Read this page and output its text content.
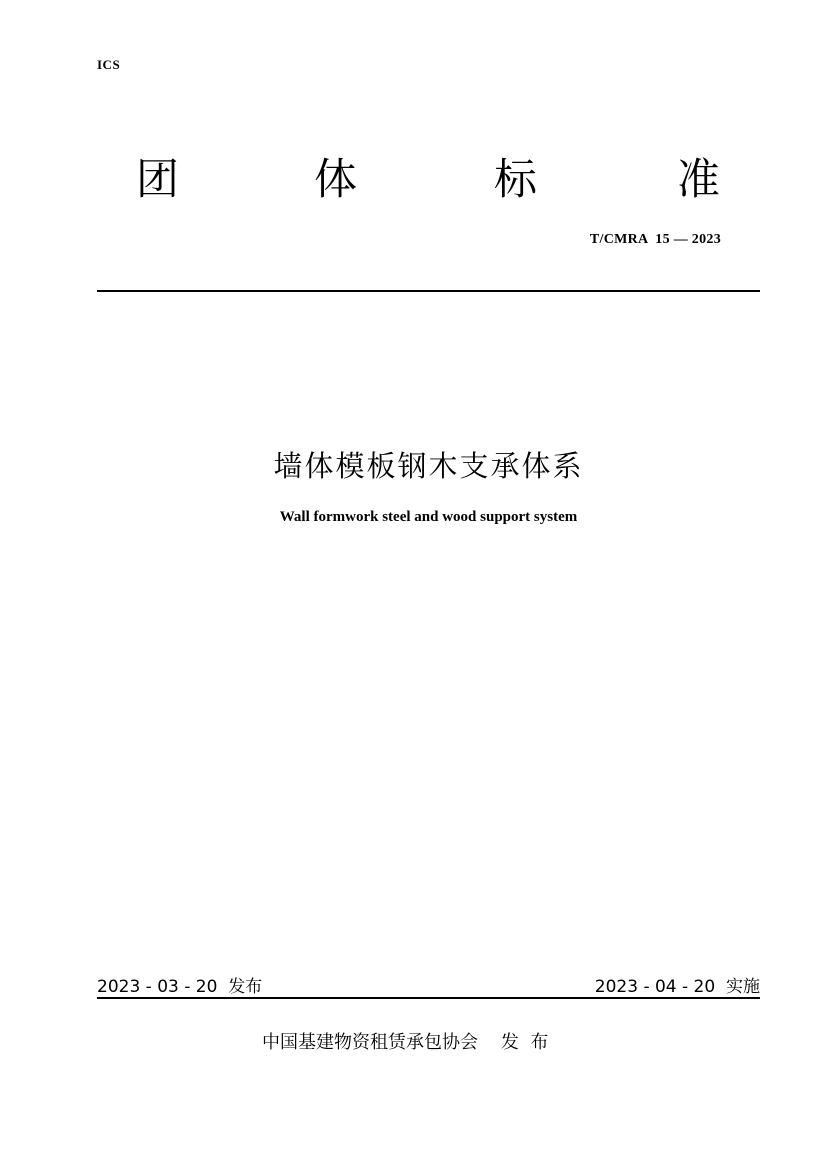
ICS
团	体	标	准
T/CMRA  15 — 2023
墙体模板钢木支承体系
Wall formwork steel and wood support system
2023 - 03 - 20  发布	2023 - 04 - 20  实施
中国基建物资租赁承包协会    发  布
